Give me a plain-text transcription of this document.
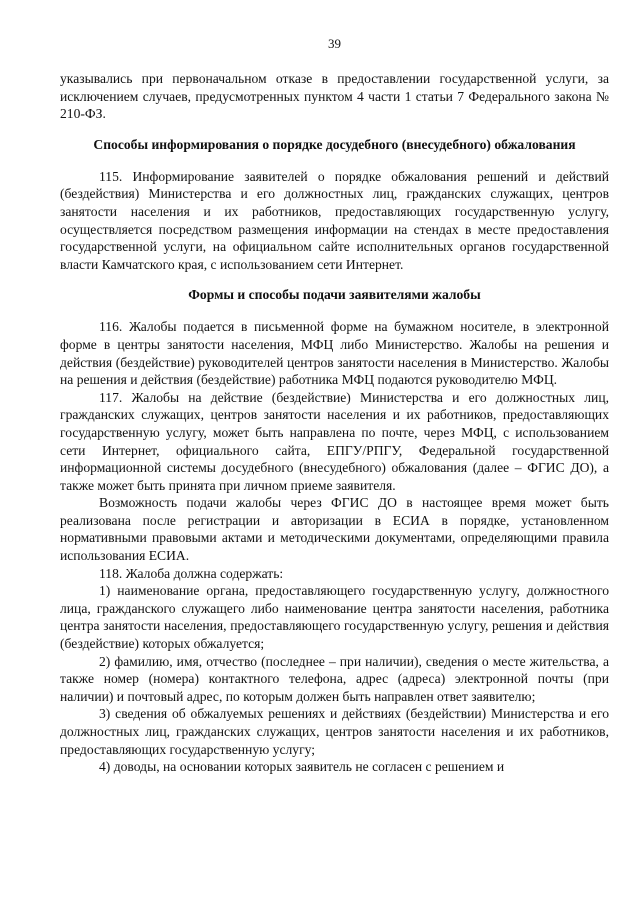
39

указывались при первоначальном отказе в предоставлении государственной услуги, за исключением случаев, предусмотренных пунктом 4 части 1 статьи 7 Федерального закона № 210-ФЗ.

Способы информирования о порядке досудебного (внесудебного) обжалования

115. Информирование заявителей о порядке обжалования решений и действий (бездействия) Министерства и его должностных лиц, гражданских служащих, центров занятости населения и их работников, предоставляющих государственную услугу, осуществляется посредством размещения информации на стендах в месте предоставления государственной услуги, на официальном сайте исполнительных органов государственной власти Камчатского края, с использованием сети Интернет.

Формы и способы подачи заявителями жалобы

116. Жалобы подается в письменной форме на бумажном носителе, в электронной форме в центры занятости населения, МФЦ либо Министерство. Жалобы на решения и действия (бездействие) руководителей центров занятости населения в Министерство. Жалобы на решения и действия (бездействие) работника МФЦ подаются руководителю МФЦ.

117. Жалобы на действие (бездействие) Министерства и его должностных лиц, гражданских служащих, центров занятости населения и их работников, предоставляющих государственную услугу, может быть направлена по почте, через МФЦ, с использованием сети Интернет, официального сайта, ЕПГУ/РПГУ, Федеральной государственной информационной системы досудебного (внесудебного) обжалования (далее – ФГИС ДО), а также может быть принята при личном приеме заявителя.

Возможность подачи жалобы через ФГИС ДО в настоящее время может быть реализована после регистрации и авторизации в ЕСИА в порядке, установленном нормативными правовыми актами и методическими документами, определяющими правила использования ЕСИА.

118. Жалоба должна содержать:

1) наименование органа, предоставляющего государственную услугу, должностного лица, гражданского служащего либо наименование центра занятости населения, работника центра занятости населения, предоставляющего государственную услугу, решения и действия (бездействие) которых обжалуется;

2) фамилию, имя, отчество (последнее – при наличии), сведения о месте жительства, а также номер (номера) контактного телефона, адрес (адреса) электронной почты (при наличии) и почтовый адрес, по которым должен быть направлен ответ заявителю;

3) сведения об обжалуемых решениях и действиях (бездействии) Министерства и его должностных лиц, гражданских служащих, центров занятости населения и их работников, предоставляющих государственную услугу;

4) доводы, на основании которых заявитель не согласен с решением и
